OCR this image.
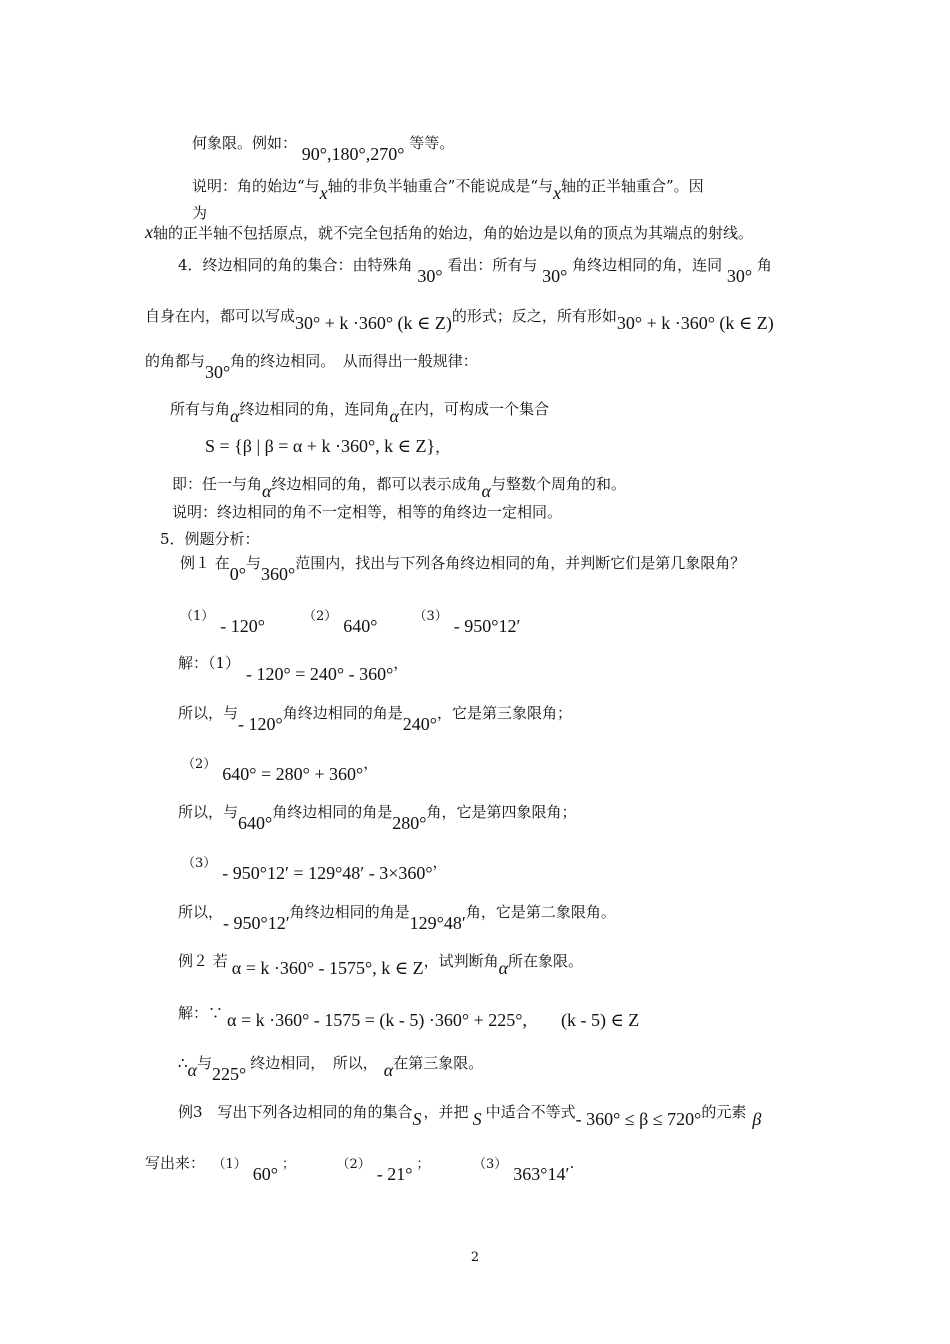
何象限。例如： 90°,180°,270° 等等。
说明：角的始边“与x轴的非负半轴重合”不能说成是“与x轴的正半轴重合”。因
为
x轴的正半轴不包括原点，就不完全包括角的始边，角的始边是以角的顶点为其端点的射线。
4．终边相同的角的集合：由特殊角 30° 看出：所有与 30° 角终边相同的角，连同 30° 角
自身在内，都可以写成30° + k ·360° (k ∈ Z)的形式；反之，所有形如30° + k ·360° (k ∈ Z)
的角都与30°角的终边相同。　从而得出一般规律：
所有与角α终边相同的角，连同角α在内，可构成一个集合
S = {β | β = α + k ·360°, k ∈ Z}，
即：任一与角α终边相同的角，都可以表示成角α与整数个周角的和。
说明：终边相同的角不一定相等，相等的角终边一定相同。
5．例题分析：
例１ 在0°与360°范围内，找出与下列各角终边相同的角，并判断它们是第几象限角？
（1） - 120°	（2） 640°	（3） - 950°12′
解：（1）- 120° = 240° - 360°，
所以，与- 120°角终边相同的角是240°，它是第三象限角；
（2） 640° = 280° + 360°，
所以，与640°角终边相同的角是280°角，它是第四象限角；
（3） - 950°12′ = 129°48′ - 3×360°，
所以，- 950°12′角终边相同的角是129°48′角，它是第二象限角。
例２ 若 α = k ·360° - 1575°, k ∈ Z，试判断角α所在象限。
解：∵ α = k ·360° - 1575 = (k - 5) ·360° + 225°, (k - 5) ∈ Z
∴α与225°终边相同，　所以， α在第三象限。
例3　写出下列各边相同的角的集合S ，并把 S 中适合不等式- 360° ≤ β ≤ 720°的元素 β
写出来： （1） 60° ；	（2） - 21° ；	（3） 363°14′.
2
